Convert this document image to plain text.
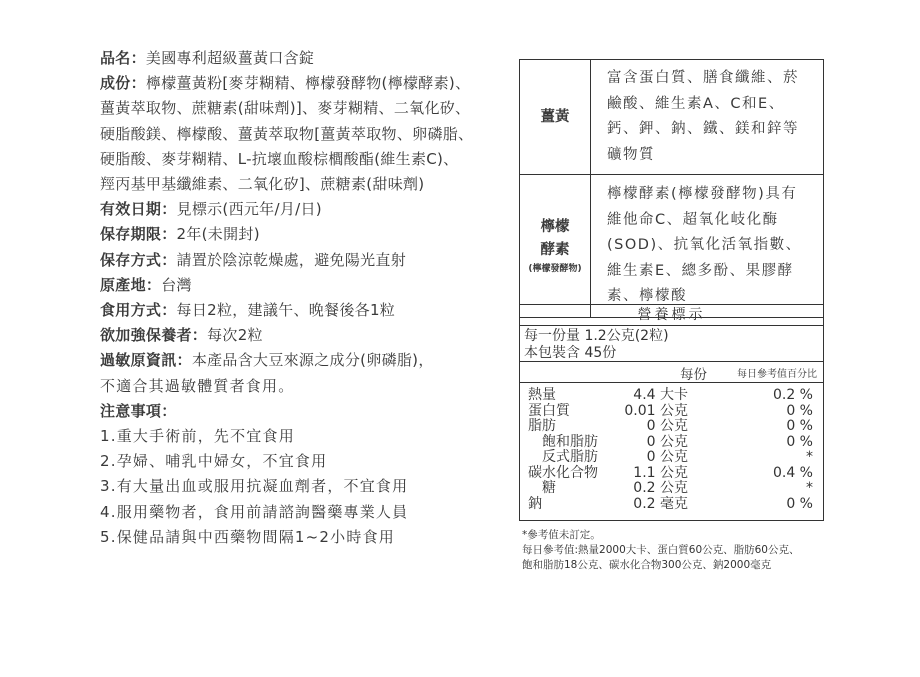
品名：美國專利超級薑黃口含錠

成份：檸檬薑黃粉[麥芽糊精、檸檬發酵物(檸檬酵素)、

薑黃萃取物、蔗糖素(甜味劑)]、麥芽糊精、二氧化矽、

硬脂酸鎂、檸檬酸、薑黃萃取物[薑黃萃取物、卵磷脂、

硬脂酸、麥芽糊精、L-抗壞血酸棕櫚酸酯(維生素C)、

羥丙基甲基纖維素、二氧化矽]、蔗糖素(甜味劑)

有效日期：見標示(西元年/月/日)

保存期限：2年(未開封)

保存方式：請置於陰涼乾燥處，避免陽光直射

原產地：台灣

食用方式：每日2粒，建議午、晚餐後各1粒

欲加強保養者：每次2粒

過敏原資訊：本產品含大豆來源之成分(卵磷脂)，

不適合其過敏體質者食用。

注意事項：

1.重大手術前，先不宜食用

2.孕婦、哺乳中婦女，不宜食用

3.有大量出血或服用抗凝血劑者，不宜食用

4.服用藥物者，食用前請諮詢醫藥專業人員

5.保健品請與中西藥物間隔1~2小時食用

薑黃	富含蛋白質、膳食纖維、菸鹼酸、維生素A、C和E、鈣、鉀、鈉、鐵、鎂和鋅等礦物質
檸檬
酵素
(檸檬發酵物)	檸檬酵素(檸檬發酵物)具有維他命C、超氧化岐化酶(SOD)、抗氧化活氧指數、維生素E、總多酚、果膠酵素、檸檬酸
營養標示
每一份量 1.2公克(2粒)
本包裝含 45份
每份	每日參考值百分比
熱量	4.4 大卡	0.2 %
蛋白質	0.01 公克	0 %
脂肪	0 公克	0 %
飽和脂肪	0 公克	0 %
反式脂肪	0 公克	*
碳水化合物	1.1 公克	0.4 %
糖	0.2 公克	*
鈉	0.2 毫克	0 %

*參考值未訂定。

每日參考值:熱量2000大卡、蛋白質60公克、脂肪60公克、

飽和脂肪18公克、碳水化合物300公克、鈉2000毫克
